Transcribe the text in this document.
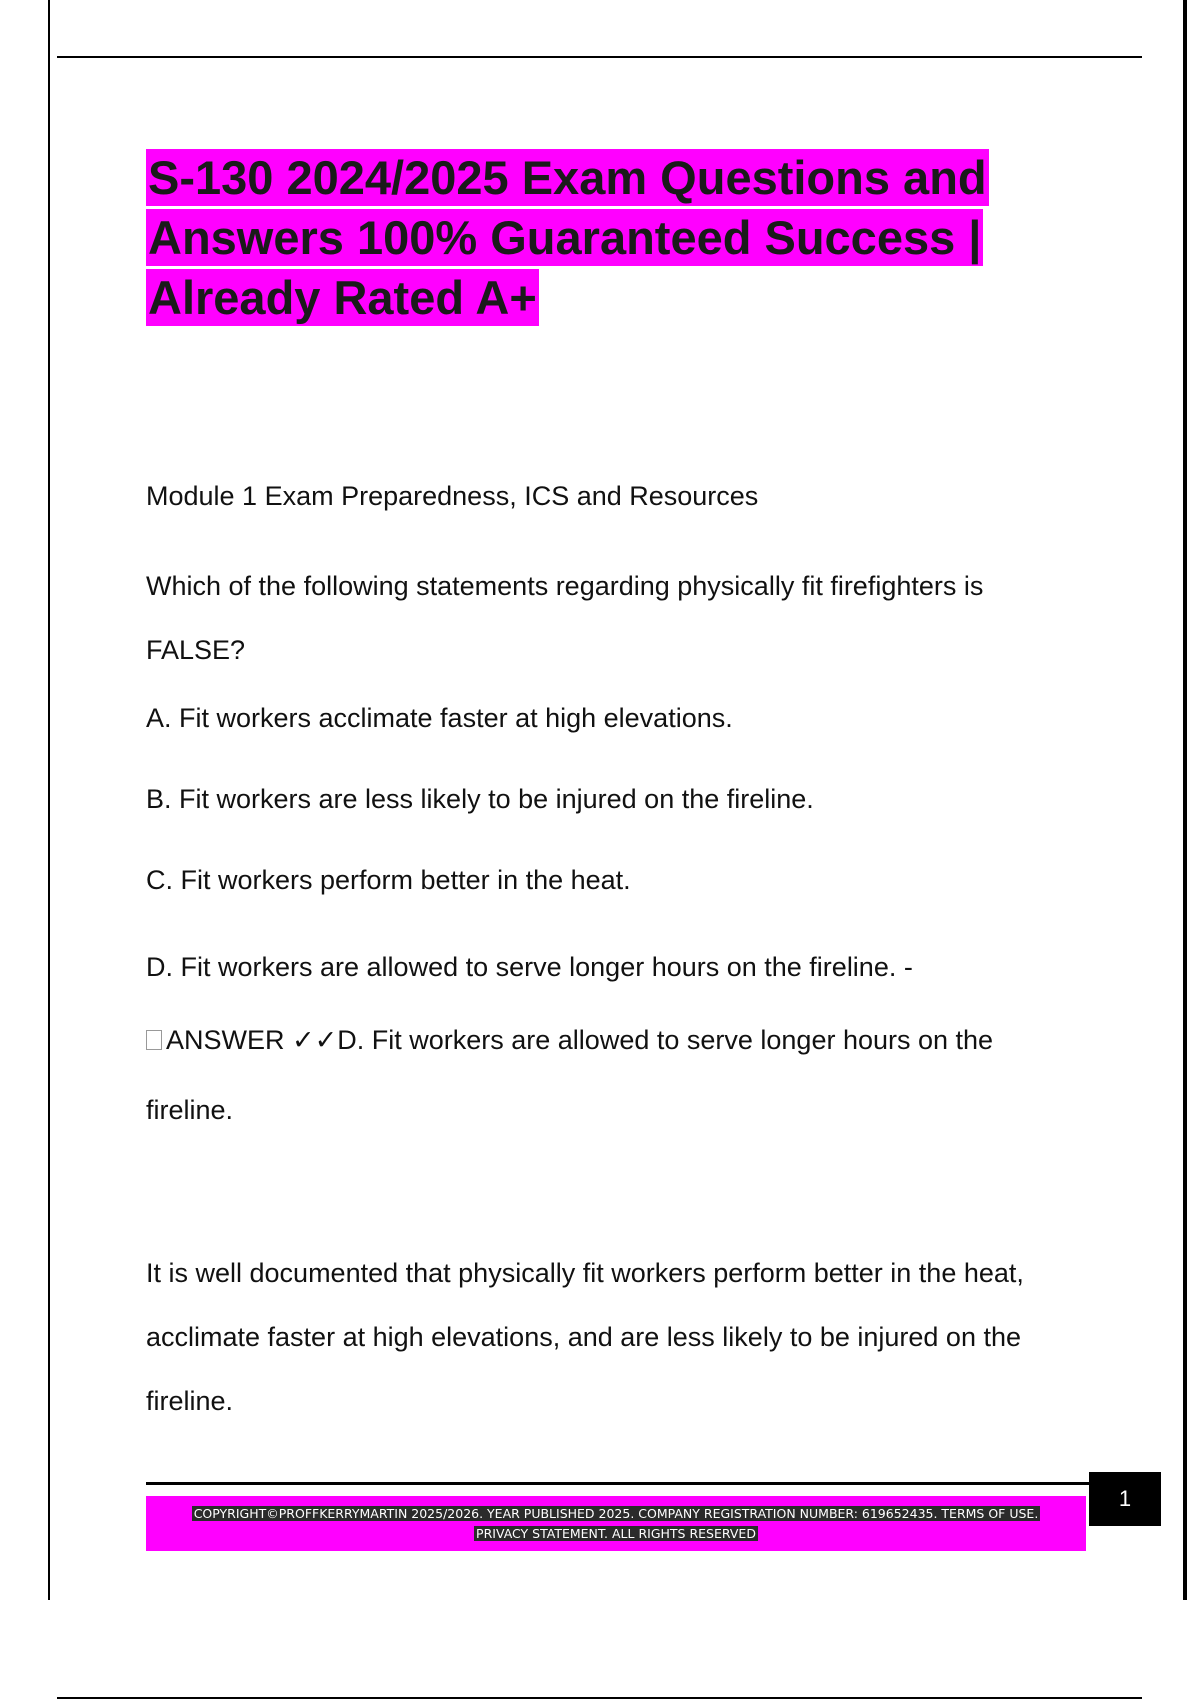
S-130 2024/2025 Exam Questions and Answers 100% Guaranteed Success | Already Rated A+

Module 1 Exam Preparedness, ICS and Resources

Which of the following statements regarding physically fit firefighters is FALSE?

A. Fit workers acclimate faster at high elevations.

B. Fit workers are less likely to be injured on the fireline.

C. Fit workers perform better in the heat.

D. Fit workers are allowed to serve longer hours on the fireline. -

ANSWER ✓✓D. Fit workers are allowed to serve longer hours on the fireline.

It is well documented that physically fit workers perform better in the heat, acclimate faster at high elevations, and are less likely to be injured on the fireline.

COPYRIGHT©PROFFKERRYMARTIN 2025/2026. YEAR PUBLISHED 2025. COMPANY REGISTRATION NUMBER: 619652435. TERMS OF USE. PRIVACY STATEMENT. ALL RIGHTS RESERVED
1
